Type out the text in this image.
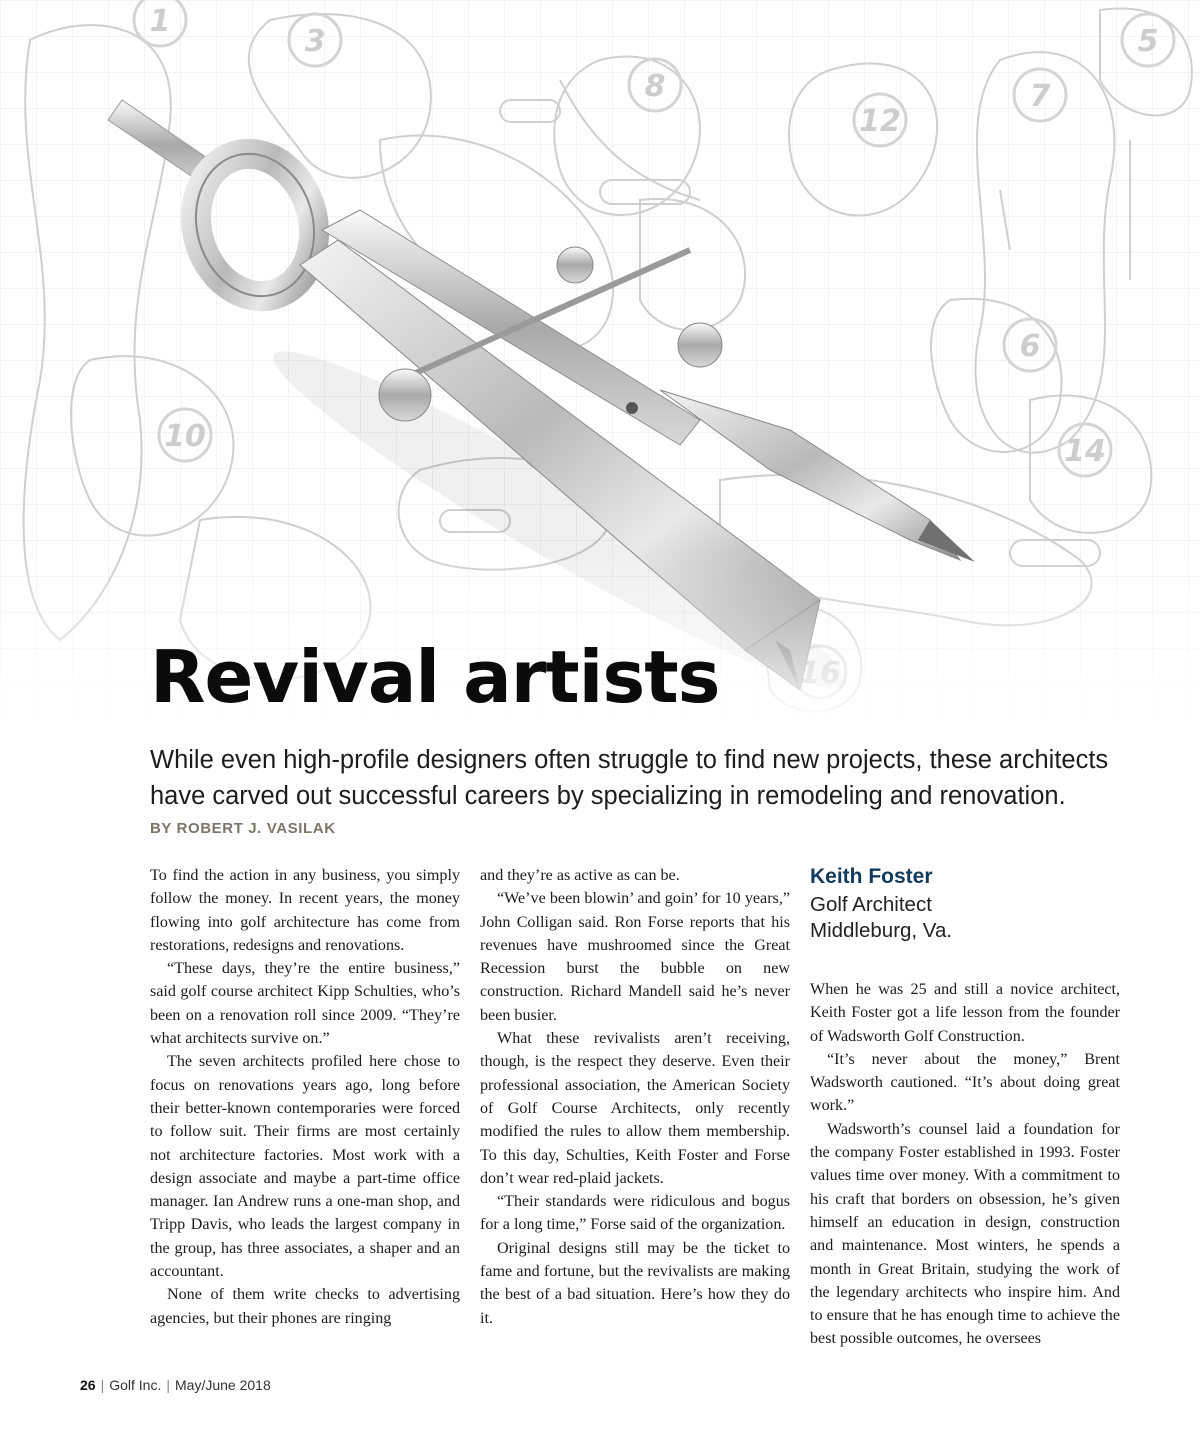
Revival artists

While even high-profile designers often struggle to find new projects, these architects have carved out successful careers by specializing in remodeling and renovation.

BY ROBERT J. VASILAK

To find the action in any business, you simply follow the money. In recent years, the money flowing into golf architecture has come from restorations, redesigns and renovations.

“These days, they’re the entire business,” said golf course architect Kipp Schulties, who’s been on a renovation roll since 2009. “They’re what architects survive on.”

The seven architects profiled here chose to focus on renovations years ago, long before their better-known contemporaries were forced to follow suit. Their firms are most certainly not architecture factories. Most work with a design associate and maybe a part-time office manager. Ian Andrew runs a one-man shop, and Tripp Davis, who leads the largest company in the group, has three associates, a shaper and an accountant.

None of them write checks to advertising agencies, but their phones are ringing

and they’re as active as can be.

“We’ve been blowin’ and goin’ for 10 years,” John Colligan said. Ron Forse reports that his revenues have mushroomed since the Great Recession burst the bubble on new construction. Richard Mandell said he’s never been busier.

What these revivalists aren’t receiving, though, is the respect they deserve. Even their professional association, the American Society of Golf Course Architects, only recently modified the rules to allow them membership. To this day, Schulties, Keith Foster and Forse don’t wear red-plaid jackets.

“Their standards were ridiculous and bogus for a long time,” Forse said of the organization.

Original designs still may be the ticket to fame and fortune, but the revivalists are making the best of a bad situation. Here’s how they do it.

Keith Foster
Golf Architect
Middleburg, Va.

When he was 25 and still a novice architect, Keith Foster got a life lesson from the founder of Wadsworth Golf Construction.

“It’s never about the money,” Brent Wadsworth cautioned. “It’s about doing great work.”

Wadsworth’s counsel laid a foundation for the company Foster established in 1993. Foster values time over money. With a commitment to his craft that borders on obsession, he’s given himself an education in design, construction and maintenance. Most winters, he spends a month in Great Britain, studying the work of the legendary architects who inspire him. And to ensure that he has enough time to achieve the best possible outcomes, he oversees

26 | Golf Inc. | May/June 2018
